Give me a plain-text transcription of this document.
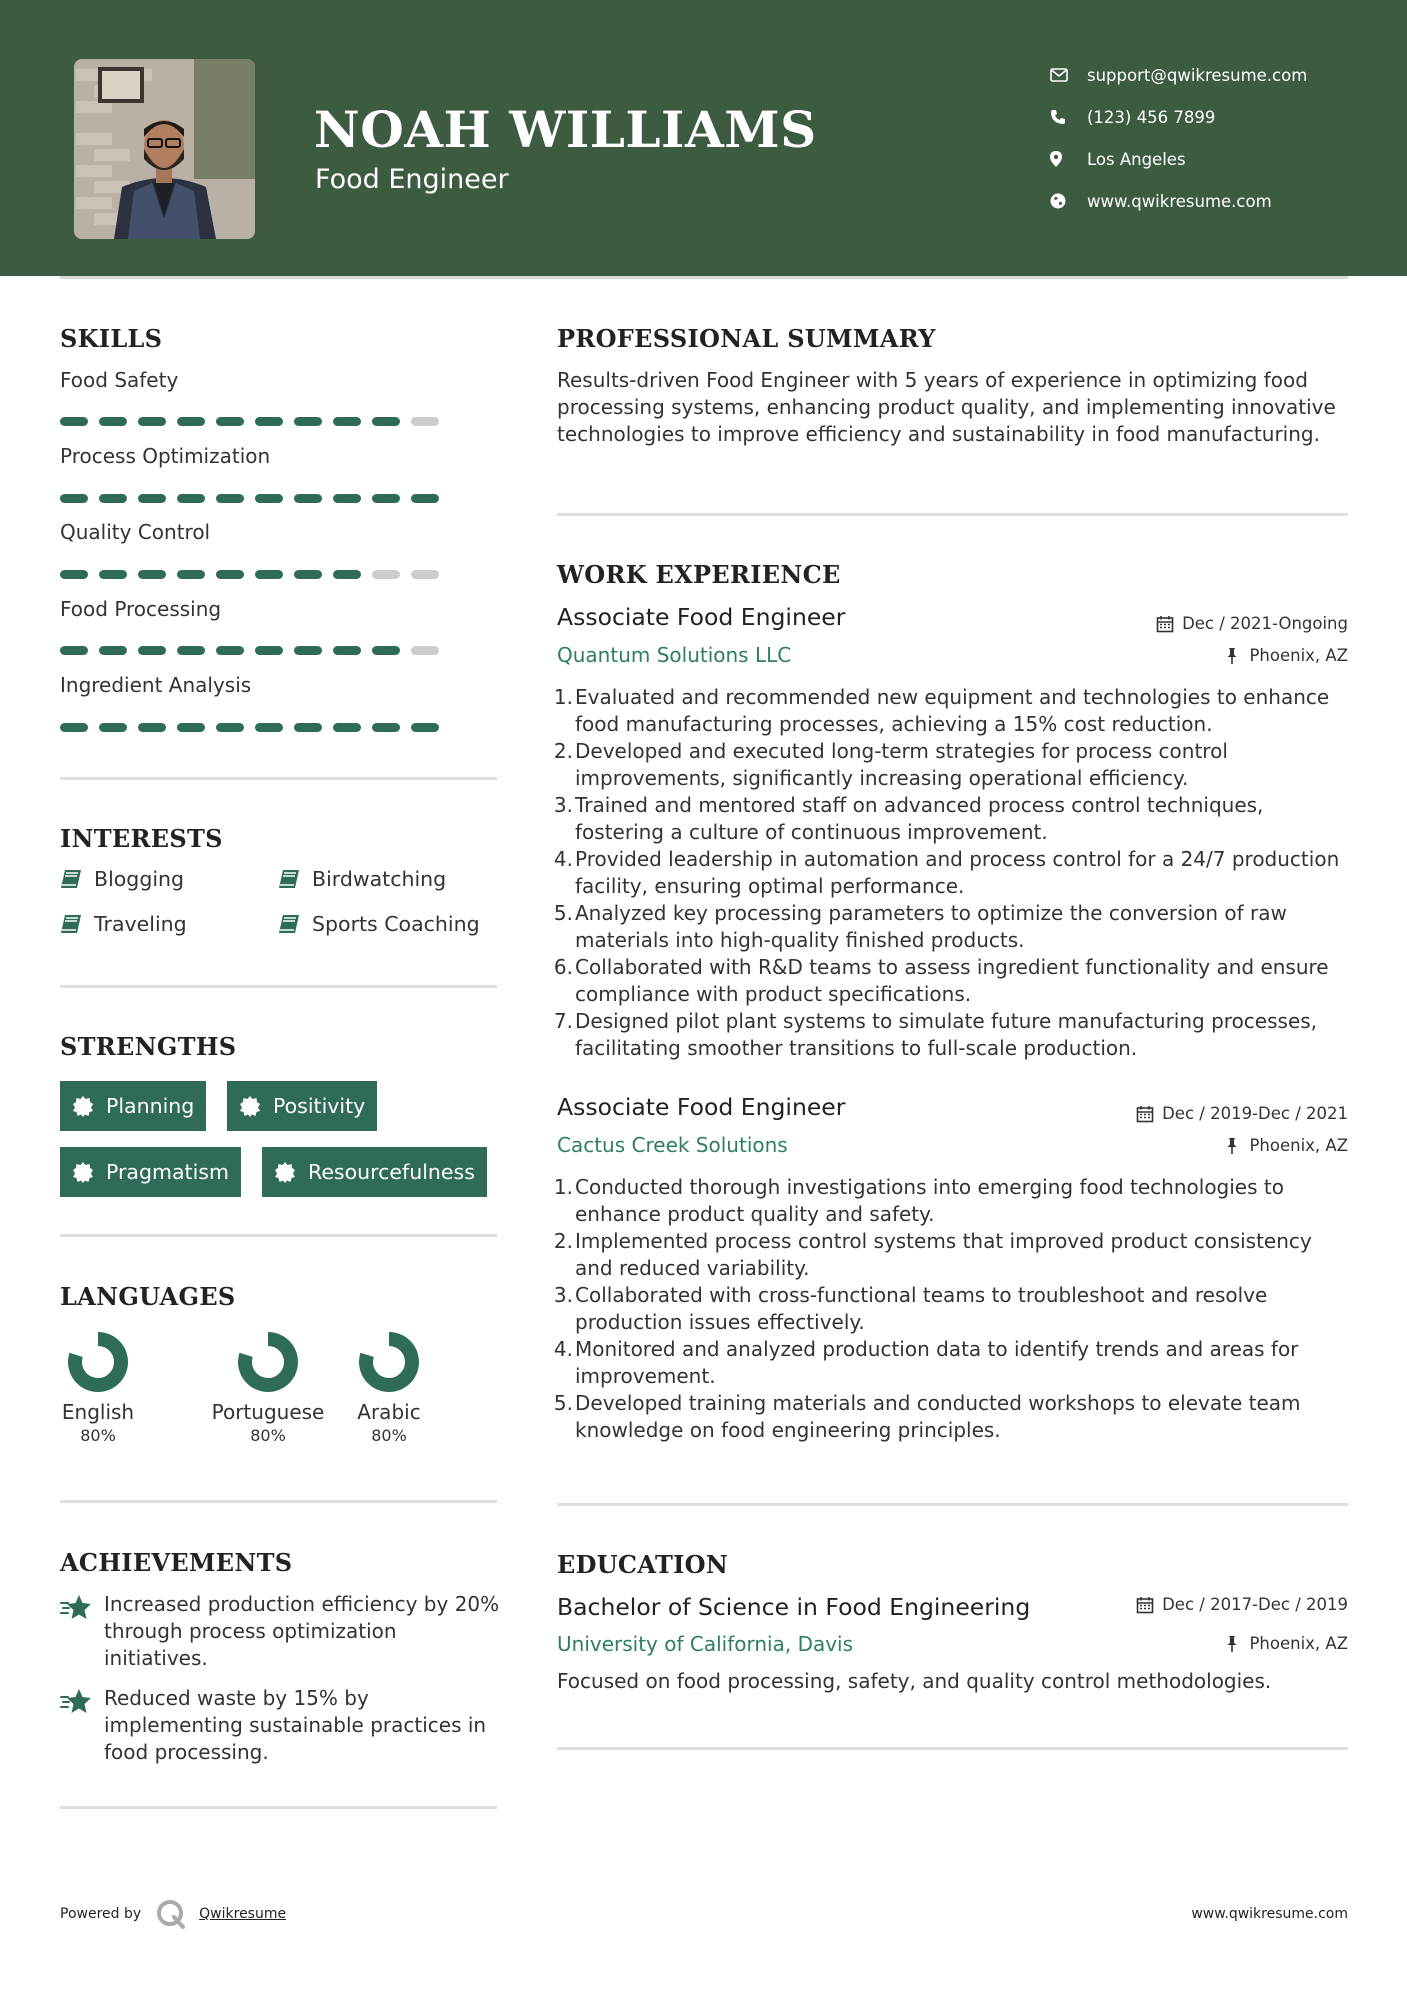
NOAH WILLIAMS
Food Engineer
support@qwikresume.com
(123) 456 7899
Los Angeles
www.qwikresume.com
SKILLS
Food Safety
Process Optimization
Quality Control
Food Processing
Ingredient Analysis
INTERESTS
Blogging	Birdwatching
Traveling	Sports Coaching
STRENGTHS
Planning	Positivity
Pragmatism	Resourcefulness
LANGUAGES
English
80%
Portuguese
80%
Arabic
80%
ACHIEVEMENTS
Increased production efficiency by 20% through process optimization initiatives.
Reduced waste by 15% by implementing sustainable practices in food processing.
PROFESSIONAL SUMMARY
Results-driven Food Engineer with 5 years of experience in optimizing food processing systems, enhancing product quality, and implementing innovative technologies to improve efficiency and sustainability in food manufacturing.
WORK EXPERIENCE
Associate Food Engineer	Dec / 2021-Ongoing
Quantum Solutions LLC	Phoenix, AZ
1. Evaluated and recommended new equipment and technologies to enhance food manufacturing processes, achieving a 15% cost reduction.
2. Developed and executed long-term strategies for process control improvements, significantly increasing operational efficiency.
3. Trained and mentored staff on advanced process control techniques, fostering a culture of continuous improvement.
4. Provided leadership in automation and process control for a 24/7 production facility, ensuring optimal performance.
5. Analyzed key processing parameters to optimize the conversion of raw materials into high-quality finished products.
6. Collaborated with R&D teams to assess ingredient functionality and ensure compliance with product specifications.
7. Designed pilot plant systems to simulate future manufacturing processes, facilitating smoother transitions to full-scale production.
Associate Food Engineer	Dec / 2019-Dec / 2021
Cactus Creek Solutions	Phoenix, AZ
1. Conducted thorough investigations into emerging food technologies to enhance product quality and safety.
2. Implemented process control systems that improved product consistency and reduced variability.
3. Collaborated with cross-functional teams to troubleshoot and resolve production issues effectively.
4. Monitored and analyzed production data to identify trends and areas for improvement.
5. Developed training materials and conducted workshops to elevate team knowledge on food engineering principles.
EDUCATION
Bachelor of Science in Food Engineering	Dec / 2017-Dec / 2019
University of California, Davis	Phoenix, AZ
Focused on food processing, safety, and quality control methodologies.
Powered by	Qwikresume	www.qwikresume.com
